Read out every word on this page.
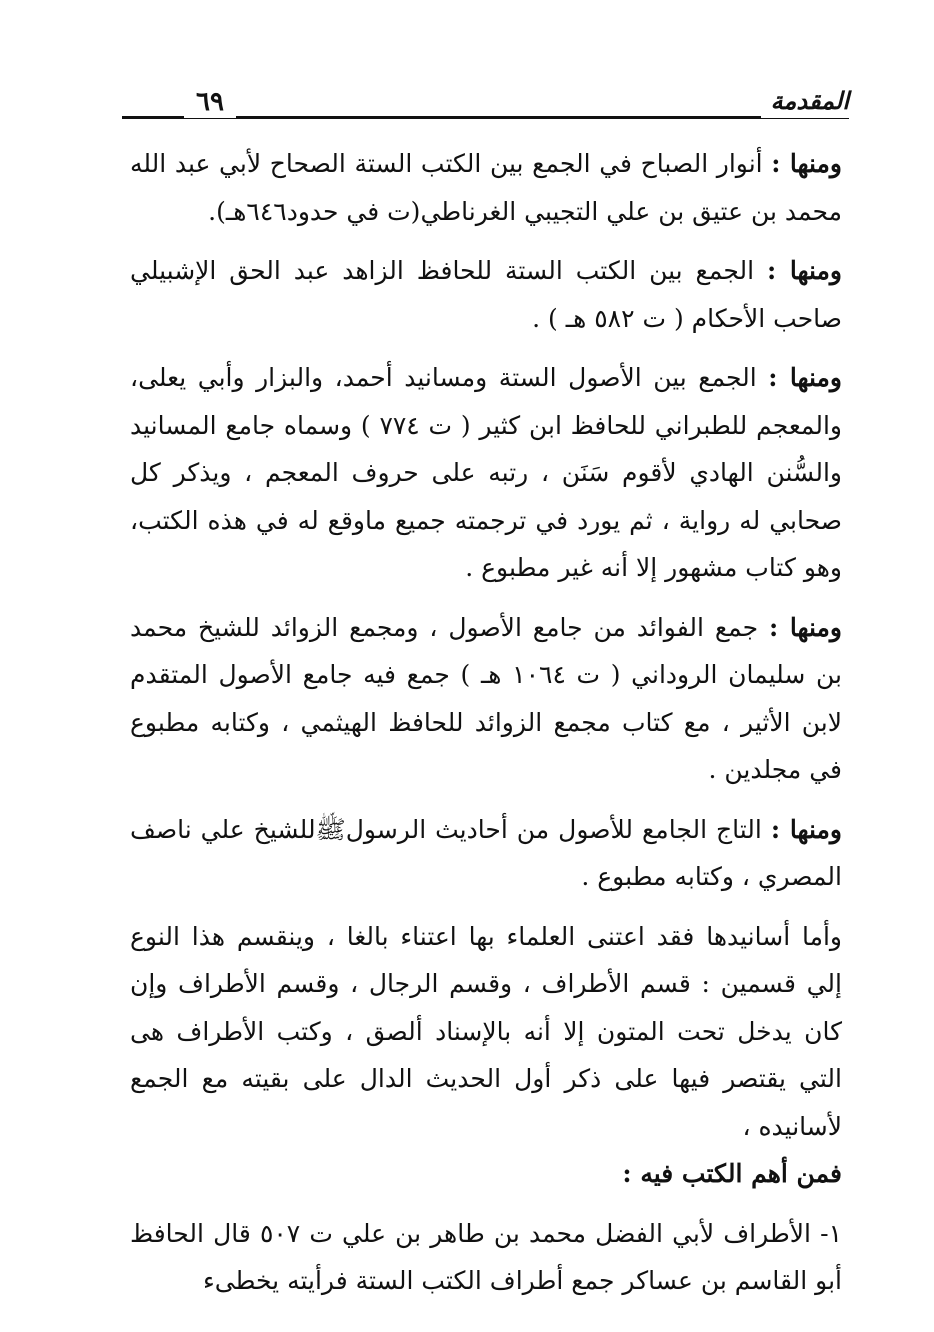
المقدمة
٦٩

ومنها : أنوار الصباح في الجمع بين الكتب الستة الصحاح لأبي عبد الله محمد بن عتيق بن علي التجيبي الغرناطي(ت في حدود٦٤٦هـ).

ومنها : الجمع بين الكتب الستة للحافظ الزاهد عبد الحق الإشبيلي صاحب الأحكام ( ت ٥٨٢ هـ ) .

ومنها : الجمع بين الأصول الستة ومسانيد أحمد، والبزار وأبي يعلى، والمعجم للطبراني للحافظ ابن كثير ( ت ٧٧٤ ) وسماه جامع المسانيد والسُّنن الهادي لأقوم سَنَن ، رتبه على حروف المعجم ، ويذكر كل صحابي له رواية ، ثم يورد في ترجمته جميع ماوقع له في هذه الكتب، وهو كتاب مشهور إلا أنه غير مطبوع .

ومنها : جمع الفوائد من جامع الأصول ، ومجمع الزوائد للشيخ محمد بن سليمان الروداني ( ت ١٠٦٤ هـ ) جمع فيه جامع الأصول المتقدم لابن الأثير ، مع كتاب مجمع الزوائد للحافظ الهيثمي ، وكتابه مطبوع في مجلدين .

ومنها : التاج الجامع للأصول من أحاديث الرسولﷺللشيخ علي ناصف المصري ، وكتابه مطبوع .

وأما أسانيدها فقد اعتنى العلماء بها اعتناء بالغا ، وينقسم هذا النوع إلي قسمين : قسم الأطراف ، وقسم الرجال ، وقسم الأطراف وإن كان يدخل تحت المتون إلا أنه بالإسناد ألصق ، وكتب الأطراف هى التي يقتصر فيها على ذكر أول الحديث الدال على بقيته مع الجمع لأسانيده ،
فمن أهم الكتب فيه :

١- الأطراف لأبي الفضل محمد بن طاهر بن علي ت ٥٠٧ قال الحافظ أبو القاسم بن عساكر جمع أطراف الكتب الستة فرأيته يخطىء
